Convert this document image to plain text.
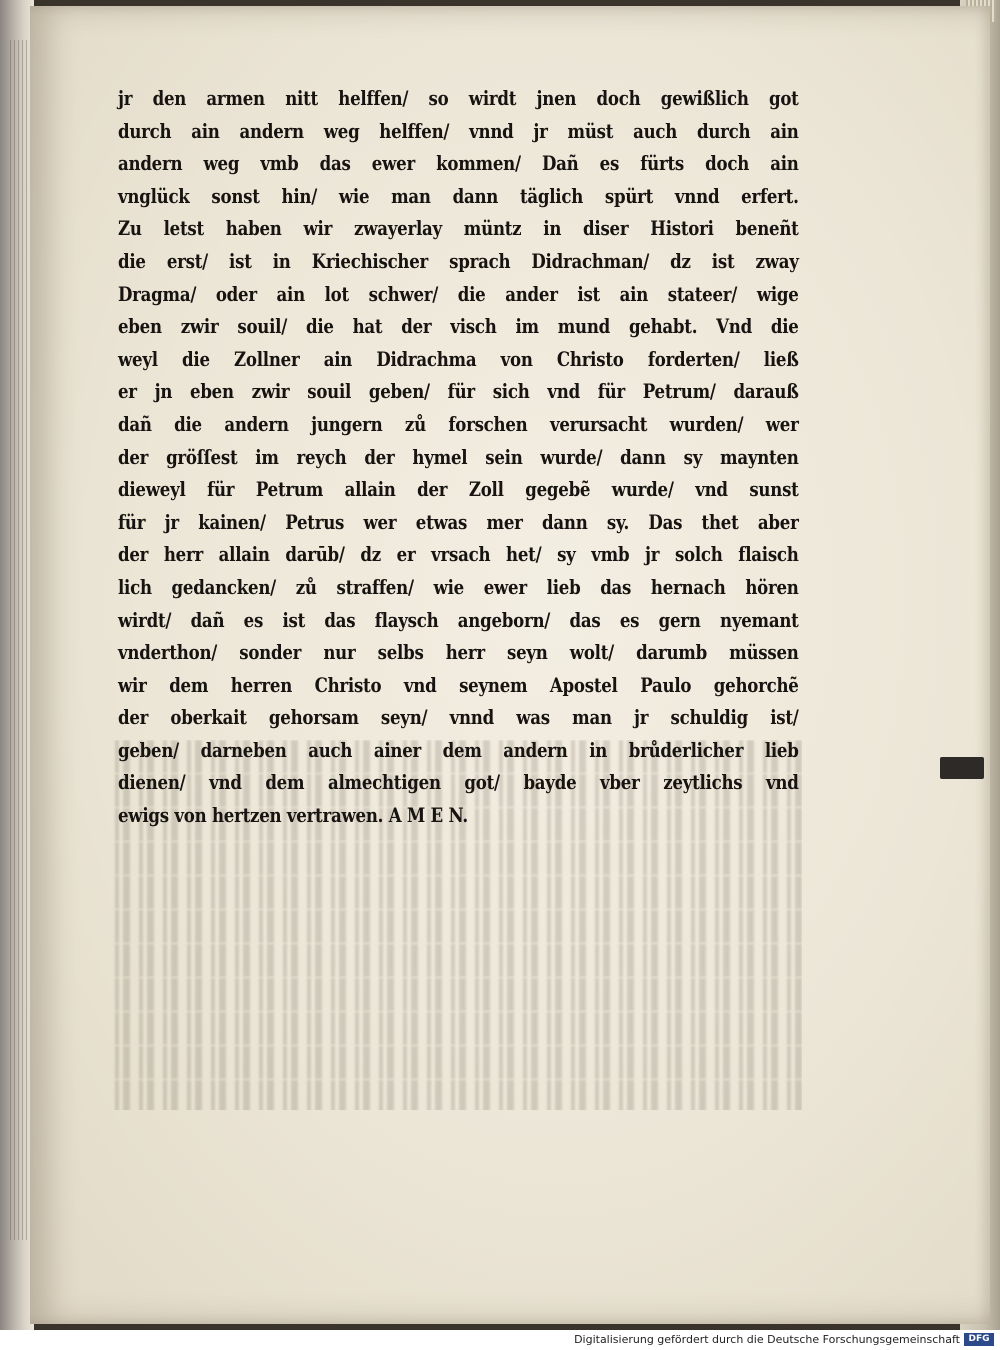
jr den armen nitt helffen/ so wirdt jnen doch gewißlich got
durch ain andern weg helffen/ vnnd jr müst auch durch ain
andern weg vmb das ewer kommen/ Dañ es fürts doch ain
vnglück sonst hin/ wie man dann täglich spürt vnnd erfert.
Zu letst haben wir zwayerlay müntz in diser Histori beneñt
die erst/ ist in Kriechischer sprach Didrachman/ dz ist zway
Dragma/ oder ain lot schwer/ die ander ist ain stateer/ wige
eben zwir souil/ die hat der visch im mund gehabt. Vnd die
weyl die Zollner ain Didrachma von Christo forderten/ ließ
er jn eben zwir souil geben/ für sich vnd für Petrum/ darauß
dañ die andern jungern zů forschen verursacht wurden/ wer
der gröſſest im reych der hymel sein wurde/ dann sy maynten
dieweyl für Petrum allain der Zoll gegebẽ wurde/ vnd sunst
für jr kainen/ Petrus wer etwas mer dann sy. Das thet aber
der herr allain darūb/ dz er vrsach het/ sy vmb jr solch flaisch
lich gedancken/ zů straffen/ wie ewer lieb das hernach hören
wirdt/ dañ es ist das flaysch angeborn/ das es gern nyemant
vnderthon/ sonder nur selbs herr seyn wolt/ darumb müssen
wir dem herren Christo vnd seynem Apostel Paulo gehorchẽ
der oberkait gehorsam seyn/ vnnd was man jr schuldig ist/
geben/ darneben auch ainer dem andern in brůderlicher lieb
dienen/ vnd dem almechtigen got/ bayde vber zeytlichs vnd
ewigs von hertzen vertrawen. A M E N.
Digitalisierung gefördert durch die Deutsche Forschungsgemeinschaft DFG
